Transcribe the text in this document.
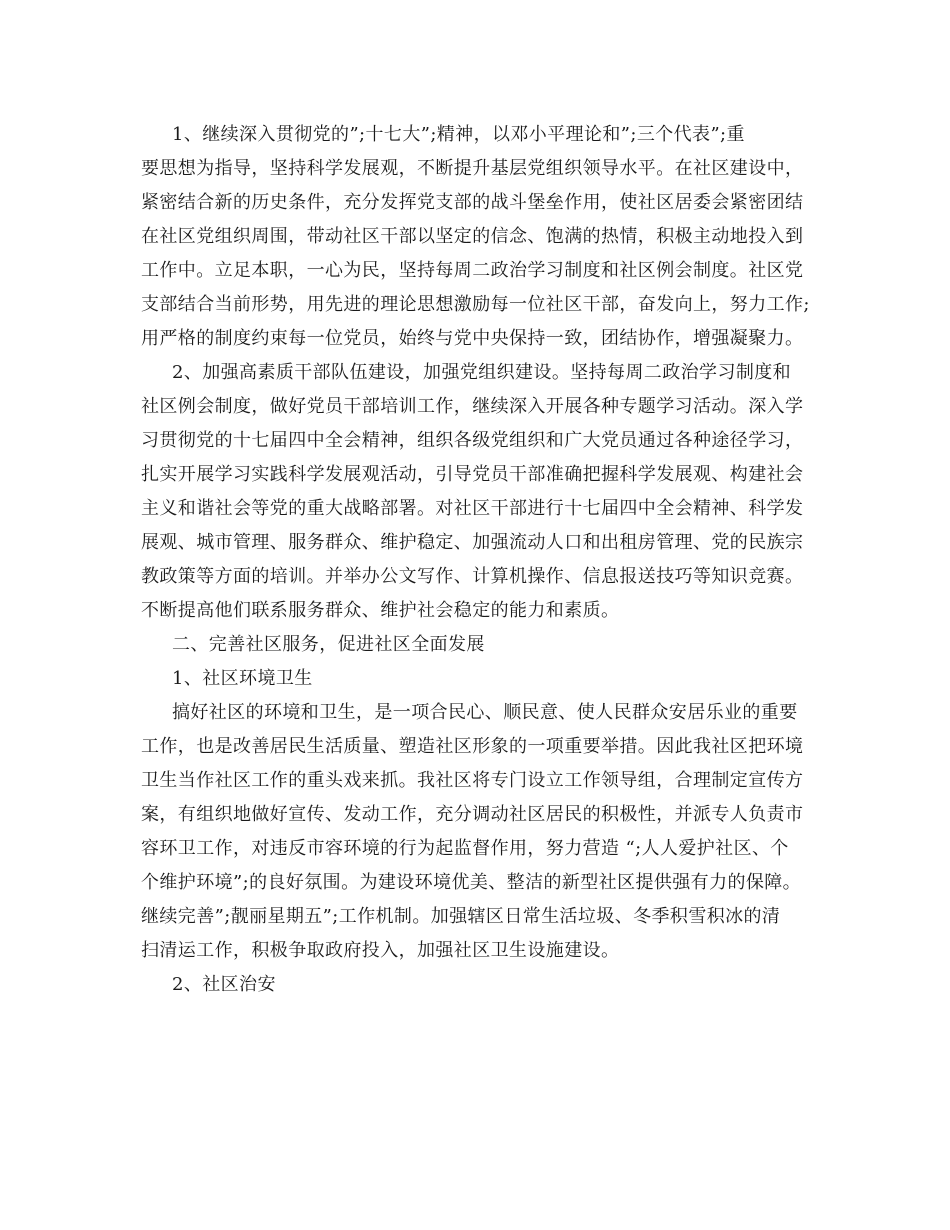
1、继续深入贯彻党的”;十七大”;精神，以邓小平理论和”;三个代表”;重
要思想为指导，坚持科学发展观，不断提升基层党组织领导水平。在社区建设中，
紧密结合新的历史条件，充分发挥党支部的战斗堡垒作用，使社区居委会紧密团结
在社区党组织周围，带动社区干部以坚定的信念、饱满的热情，积极主动地投入到
工作中。立足本职，一心为民，坚持每周二政治学习制度和社区例会制度。社区党
支部结合当前形势，用先进的理论思想激励每一位社区干部，奋发向上，努力工作;
用严格的制度约束每一位党员，始终与党中央保持一致，团结协作，增强凝聚力。
2、加强高素质干部队伍建设，加强党组织建设。坚持每周二政治学习制度和
社区例会制度，做好党员干部培训工作，继续深入开展各种专题学习活动。深入学
习贯彻党的十七届四中全会精神，组织各级党组织和广大党员通过各种途径学习，
扎实开展学习实践科学发展观活动，引导党员干部准确把握科学发展观、构建社会
主义和谐社会等党的重大战略部署。对社区干部进行十七届四中全会精神、科学发
展观、城市管理、服务群众、维护稳定、加强流动人口和出租房管理、党的民族宗
教政策等方面的培训。并举办公文写作、计算机操作、信息报送技巧等知识竞赛。
不断提高他们联系服务群众、维护社会稳定的能力和素质。
二、完善社区服务，促进社区全面发展
1、社区环境卫生
搞好社区的环境和卫生，是一项合民心、顺民意、使人民群众安居乐业的重要
工作，也是改善居民生活质量、塑造社区形象的一项重要举措。因此我社区把环境
卫生当作社区工作的重头戏来抓。我社区将专门设立工作领导组，合理制定宣传方
案，有组织地做好宣传、发动工作，充分调动社区居民的积极性，并派专人负责市
容环卫工作，对违反市容环境的行为起监督作用，努力营造 “;人人爱护社区、个
个维护环境”;的良好氛围。为建设环境优美、整洁的新型社区提供强有力的保障。
继续完善”;靓丽星期五”;工作机制。加强辖区日常生活垃圾、冬季积雪积冰的清
扫清运工作，积极争取政府投入，加强社区卫生设施建设。
2、社区治安
